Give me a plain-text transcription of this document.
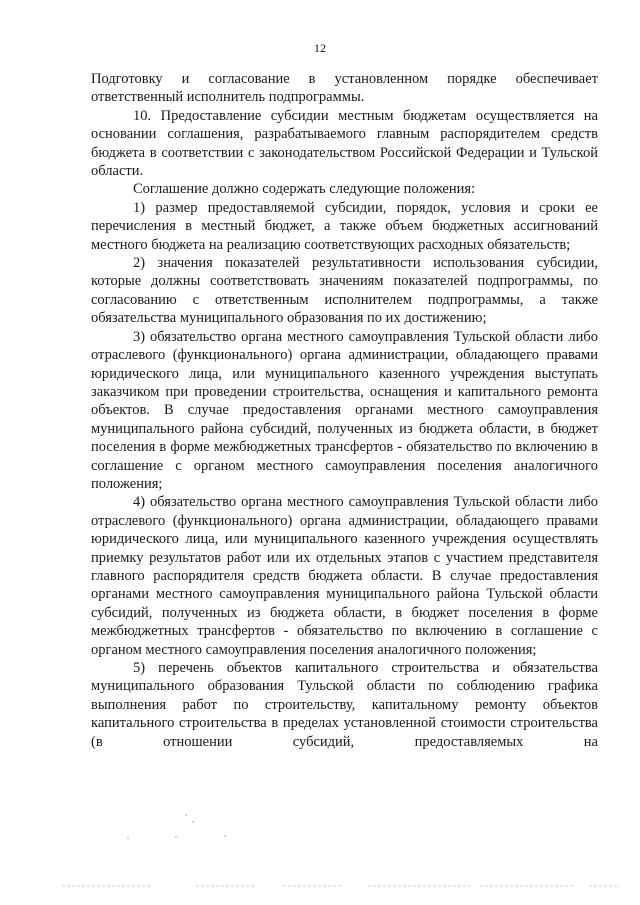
12

Подготовку и согласование в установленном порядке обеспечивает ответственный исполнитель подпрограммы.

10. Предоставление субсидии местным бюджетам осуществляется на основании соглашения, разрабатываемого главным распорядителем средств бюджета в соответствии с законодательством Российской Федерации и Тульской области.

Соглашение должно содержать следующие положения:

1) размер предоставляемой субсидии, порядок, условия и сроки ее перечисления в местный бюджет, а также объем бюджетных ассигнований местного бюджета на реализацию соответствующих расходных обязательств;

2) значения показателей результативности использования субсидии, которые должны соответствовать значениям показателей подпрограммы, по согласованию с ответственным исполнителем подпрограммы, а также обязательства муниципального образования по их достижению;

3) обязательство органа местного самоуправления Тульской области либо отраслевого (функционального) органа администрации, обладающего правами юридического лица, или муниципального казенного учреждения выступать заказчиком при проведении строительства, оснащения и капитального ремонта объектов. В случае предоставления органами местного самоуправления муниципального района субсидий, полученных из бюджета области, в бюджет поселения в форме межбюджетных трансфертов - обязательство по включению в соглашение с органом местного самоуправления поселения аналогичного положения;

4) обязательство органа местного самоуправления Тульской области либо отраслевого (функционального) органа администрации, обладающего правами юридического лица, или муниципального казенного учреждения осуществлять приемку результатов работ или их отдельных этапов с участием представителя главного распорядителя средств бюджета области. В случае предоставления органами местного самоуправления муниципального района Тульской области субсидий, полученных из бюджета области, в бюджет поселения в форме межбюджетных трансфертов - обязательство по включению в соглашение с органом местного самоуправления поселения аналогичного положения;

5) перечень объектов капитального строительства и обязательства муниципального образования Тульской области по соблюдению графика выполнения работ по строительству, капитальному ремонту объектов капитального строительства в пределах установленной стоимости строительства (в отношении субсидий, предоставляемых на
